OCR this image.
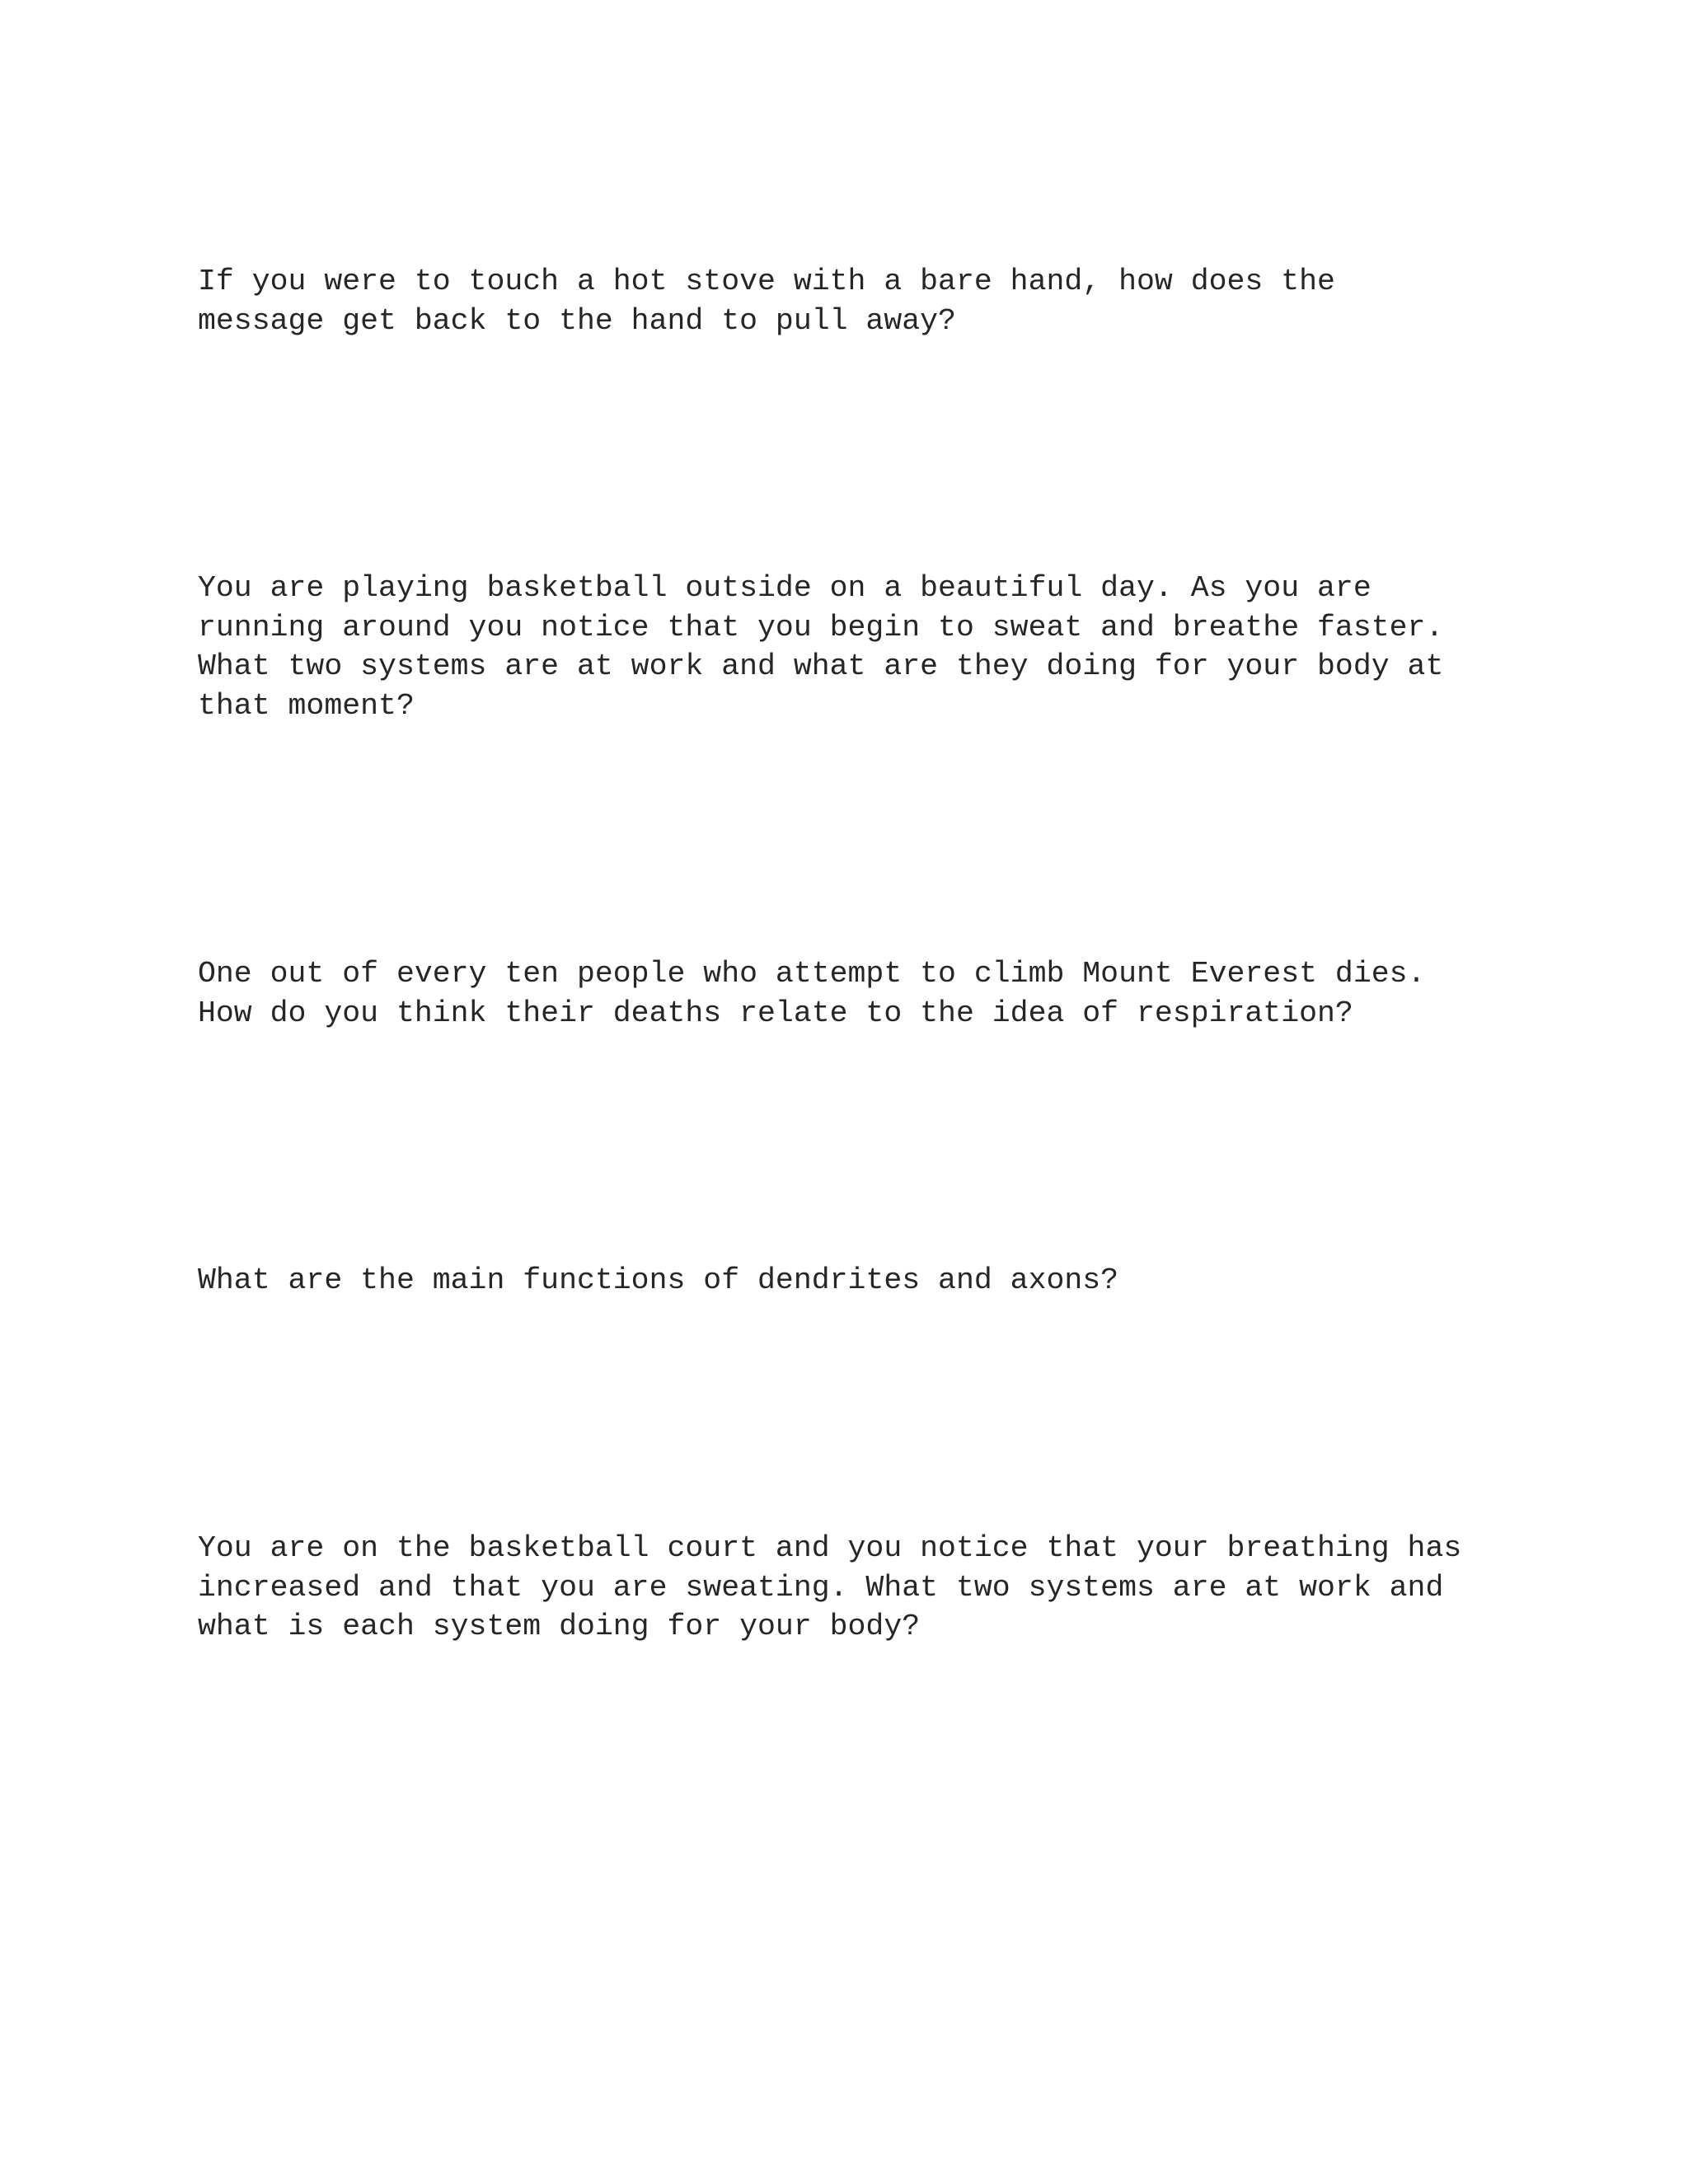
If you were to touch a hot stove with a bare hand, how does the
message get back to the hand to pull away?
You are playing basketball outside on a beautiful day. As you are
running around you notice that you begin to sweat and breathe faster.
What two systems are at work and what are they doing for your body at
that moment?
One out of every ten people who attempt to climb Mount Everest dies.
How do you think their deaths relate to the idea of respiration?
What are the main functions of dendrites and axons?
You are on the basketball court and you notice that your breathing has
increased and that you are sweating. What two systems are at work and
what is each system doing for your body?
